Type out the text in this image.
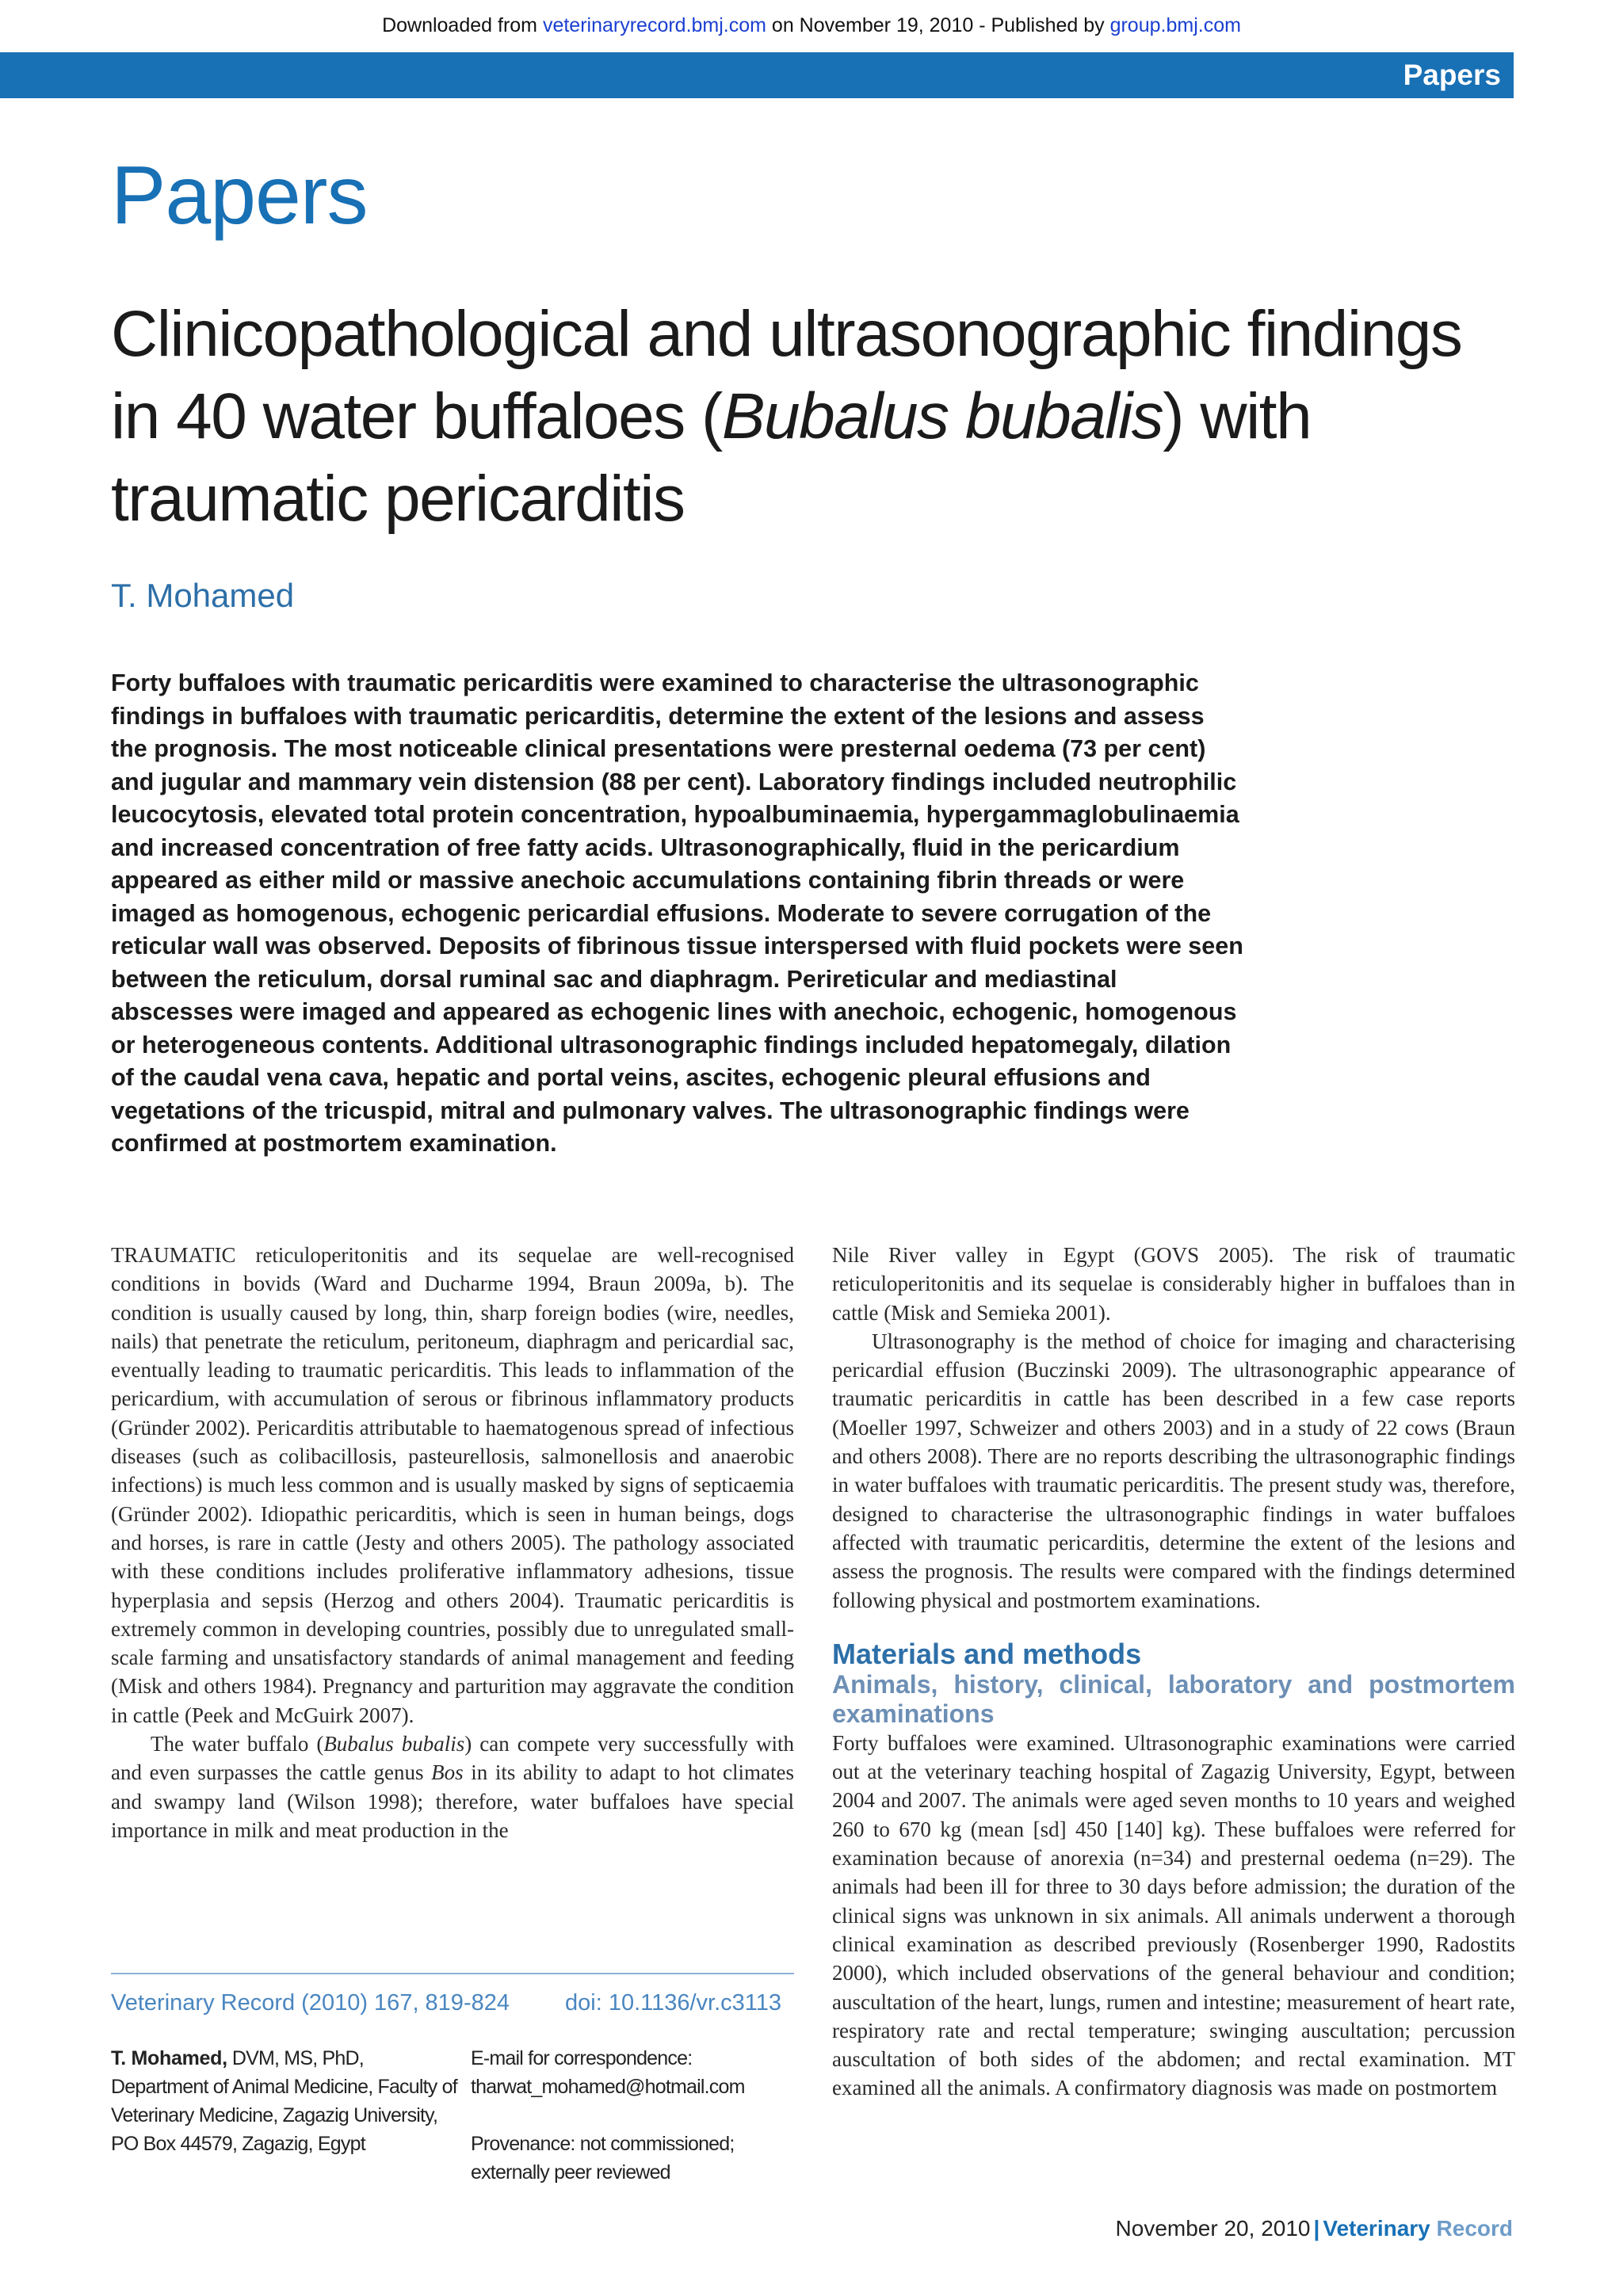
Downloaded from veterinaryrecord.bmj.com on November 19, 2010 - Published by group.bmj.com
Papers
Papers
Clinicopathological and ultrasonographic findings in 40 water buffaloes (Bubalus bubalis) with traumatic pericarditis
T. Mohamed

Forty buffaloes with traumatic pericarditis were examined to characterise the ultrasonographic findings in buffaloes with traumatic pericarditis, determine the extent of the lesions and assess the prognosis. The most noticeable clinical presentations were presternal oedema (73 per cent) and jugular and mammary vein distension (88 per cent). Laboratory findings included neutrophilic leucocytosis, elevated total protein concentration, hypoalbuminaemia, hypergammaglobulinaemia and increased concentration of free fatty acids. Ultrasonographically, fluid in the pericardium appeared as either mild or massive anechoic accumulations containing fibrin threads or were imaged as homogenous, echogenic pericardial effusions. Moderate to severe corrugation of the reticular wall was observed. Deposits of fibrinous tissue interspersed with fluid pockets were seen between the reticulum, dorsal ruminal sac and diaphragm. Perireticular and mediastinal abscesses were imaged and appeared as echogenic lines with anechoic, echogenic, homogenous or heterogeneous contents. Additional ultrasonographic findings included hepatomegaly, dilation of the caudal vena cava, hepatic and portal veins, ascites, echogenic pleural effusions and vegetations of the tricuspid, mitral and pulmonary valves. The ultrasonographic findings were confirmed at postmortem examination.

TRAUMATIC reticuloperitonitis and its sequelae are well-recognised conditions in bovids (Ward and Ducharme 1994, Braun 2009a, b). The condition is usually caused by long, thin, sharp foreign bodies (wire, needles, nails) that penetrate the reticulum, peritoneum, diaphragm and pericardial sac, eventually leading to traumatic pericarditis. This leads to inflammation of the pericardium, with accumulation of serous or fibrinous inflammatory products (Gründer 2002). Pericarditis attributable to haematogenous spread of infectious diseases (such as colibacillosis, pasteurellosis, salmonellosis and anaerobic infections) is much less common and is usually masked by signs of septicaemia (Gründer 2002). Idiopathic pericarditis, which is seen in human beings, dogs and horses, is rare in cattle (Jesty and others 2005). The pathology associated with these conditions includes proliferative inflammatory adhesions, tissue hyperplasia and sepsis (Herzog and others 2004). Traumatic pericarditis is extremely common in developing countries, possibly due to unregulated small-scale farming and unsatisfactory standards of animal management and feeding (Misk and others 1984). Pregnancy and parturition may aggravate the condition in cattle (Peek and McGuirk 2007).

The water buffalo (Bubalus bubalis) can compete very successfully with and even surpasses the cattle genus Bos in its ability to adapt to hot climates and swampy land (Wilson 1998); therefore, water buffaloes have special importance in milk and meat production in the

Nile River valley in Egypt (GOVS 2005). The risk of traumatic reticuloperitonitis and its sequelae is considerably higher in buffaloes than in cattle (Misk and Semieka 2001).

Ultrasonography is the method of choice for imaging and characterising pericardial effusion (Buczinski 2009). The ultrasonographic appearance of traumatic pericarditis in cattle has been described in a few case reports (Moeller 1997, Schweizer and others 2003) and in a study of 22 cows (Braun and others 2008). There are no reports describing the ultrasonographic findings in water buffaloes with traumatic pericarditis. The present study was, therefore, designed to characterise the ultrasonographic findings in water buffaloes affected with traumatic pericarditis, determine the extent of the lesions and assess the prognosis. The results were compared with the findings determined following physical and postmortem examinations.

Materials and methods
Animals, history, clinical, laboratory and postmortem examinations

Forty buffaloes were examined. Ultrasonographic examinations were carried out at the veterinary teaching hospital of Zagazig University, Egypt, between 2004 and 2007. The animals were aged seven months to 10 years and weighed 260 to 670 kg (mean [sd] 450 [140] kg). These buffaloes were referred for examination because of anorexia (n=34) and presternal oedema (n=29). The animals had been ill for three to 30 days before admission; the duration of the clinical signs was unknown in six animals. All animals underwent a thorough clinical examination as described previously (Rosenberger 1990, Radostits 2000), which included observations of the general behaviour and condition; auscultation of the heart, lungs, rumen and intestine; measurement of heart rate, respiratory rate and rectal temperature; swinging auscultation; percussion auscultation of both sides of the abdomen; and rectal examination. MT examined all the animals. A confirmatory diagnosis was made on postmortem

Veterinary Record (2010) 167, 819-824 doi: 10.1136/vr.c3113
T. Mohamed, DVM, MS, PhD, Department of Animal Medicine, Faculty of Veterinary Medicine, Zagazig University, PO Box 44579, Zagazig, Egypt
E-mail for correspondence:
tharwat_mohamed@hotmail.com
Provenance: not commissioned; externally peer reviewed
November 20, 2010 | Veterinary Record
